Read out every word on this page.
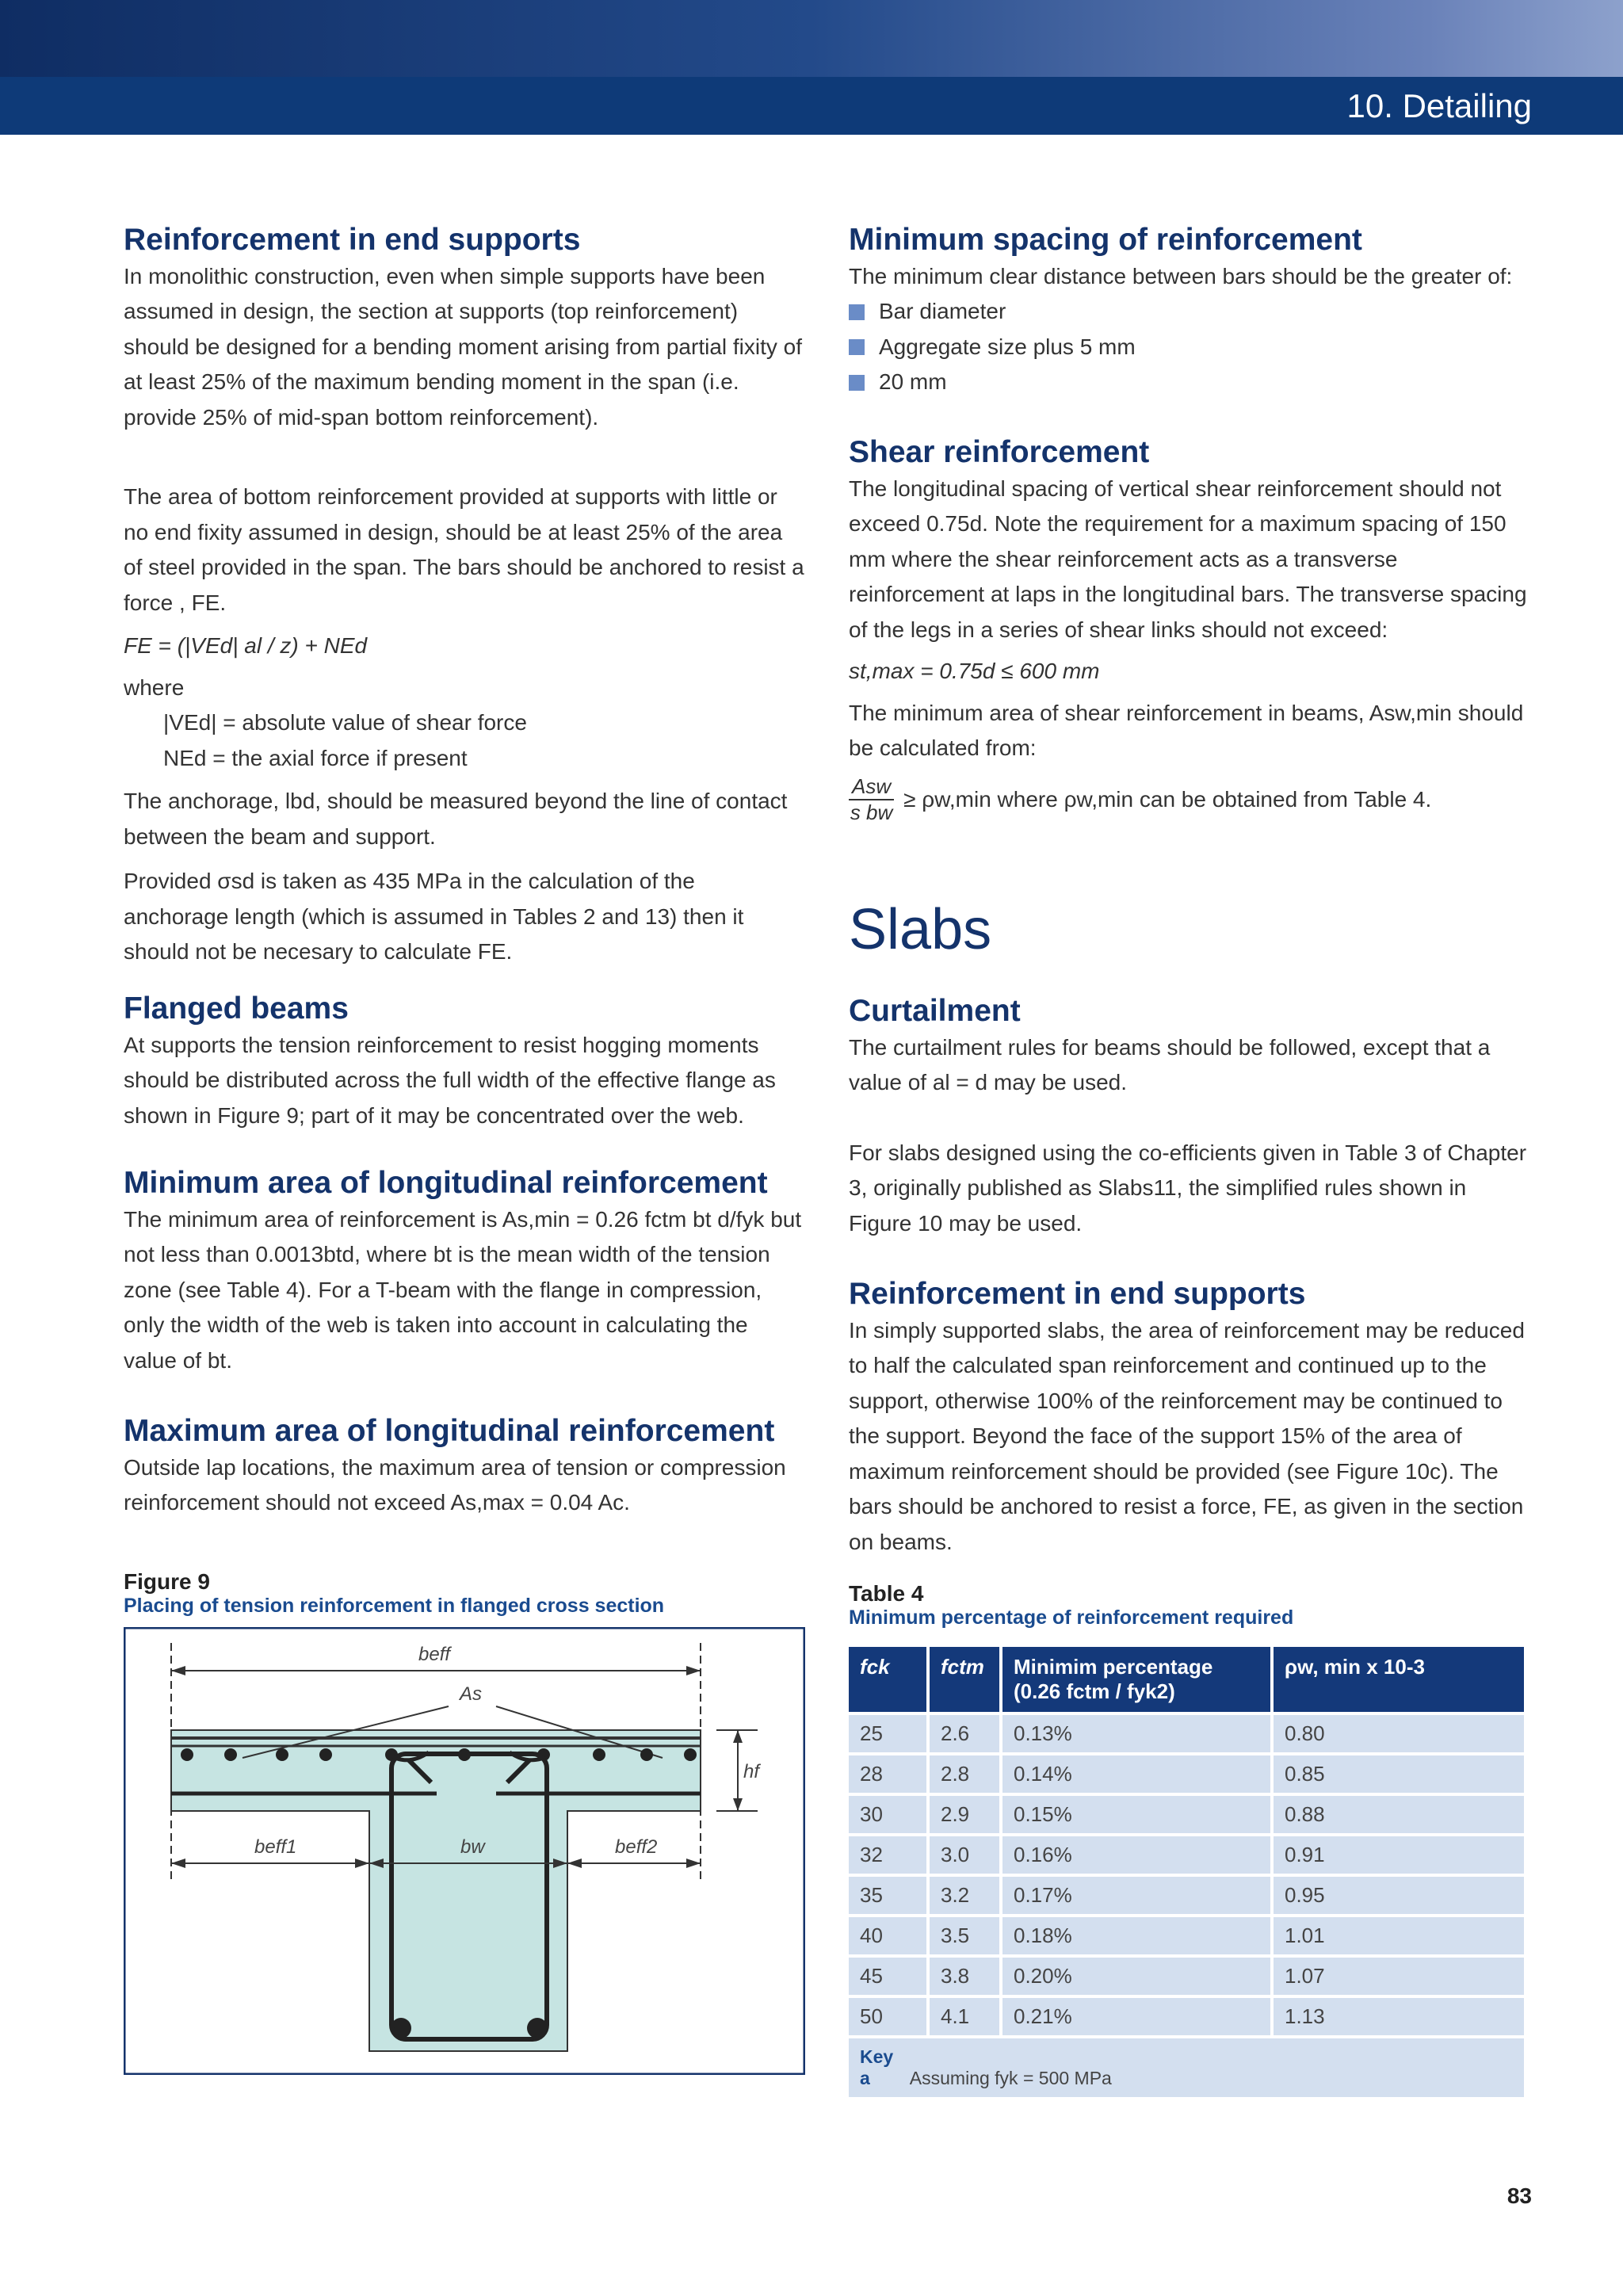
10. Detailing
Reinforcement in end supports

In monolithic construction, even when simple supports have been assumed in design, the section at supports (top reinforcement) should be designed for a bending moment arising from partial fixity of at least 25% of the maximum bending moment in the span (i.e. provide 25% of mid-span bottom reinforcement).

The area of bottom reinforcement provided at supports with little or no end fixity assumed in design, should be at least 25% of the area of steel provided in the span. The bars should be anchored to resist a force , FE.

FE = (|VEd| al / z) + NEd

where

|VEd| = absolute value of shear force

NEd = the axial force if present

The anchorage, lbd, should be measured beyond the line of contact between the beam and support.

Provided σsd is taken as 435 MPa in the calculation of the anchorage length (which is assumed in Tables 2 and 13) then it should not be necesary to calculate FE.

Flanged beams

At supports the tension reinforcement to resist hogging moments should be distributed across the full width of the effective flange as shown in Figure 9; part of it may be concentrated over the web.

Minimum area of longitudinal reinforcement

The minimum area of reinforcement is As,min = 0.26 fctm bt d/fyk but not less than 0.0013btd, where bt is the mean width of the tension zone (see Table 4). For a T-beam with the flange in compression, only the width of the web is taken into account in calculating the value of bt.

Maximum area of longitudinal reinforcement

Outside lap locations, the maximum area of tension or compression reinforcement should not exceed As,max = 0.04 Ac.

Figure 9
Placing of tension reinforcement in flanged cross section
beff
As
hf
beff1	bw	beff2
Minimum spacing of reinforcement

The minimum clear distance between bars should be the greater of:

Bar diameter
Aggregate size plus 5 mm
20 mm
Shear reinforcement

The longitudinal spacing of vertical shear reinforcement should not exceed 0.75d. Note the requirement for a maximum spacing of 150 mm where the shear reinforcement acts as a transverse reinforcement at laps in the longitudinal bars. The transverse spacing of the legs in a series of shear links should not exceed:

st,max = 0.75d ≤ 600 mm

The minimum area of shear reinforcement in beams, Asw,min should be calculated from:

Asw
s bw
≥ ρw,min where ρw,min can be obtained from Table 4.
Slabs
Curtailment

The curtailment rules for beams should be followed, except that a value of al = d may be used.

For slabs designed using the co-efficients given in Table 3 of Chapter 3, originally published as Slabs11, the simplified rules shown in Figure 10 may be used.

Reinforcement in end supports

In simply supported slabs, the area of reinforcement may be reduced to half the calculated span reinforcement and continued up to the support, otherwise 100% of the reinforcement may be continued to the support. Beyond the face of the support 15% of the area of maximum reinforcement should be provided (see Figure 10c). The bars should be anchored to resist a force, FE, as given in the section on beams.

Table 4
Minimum percentage of reinforcement required
fck	fctm	Minimim percentage (0.26 fctm / fyk2)	ρw, min x 10-3
25	2.6	0.13%	0.80
28	2.8	0.14%	0.85
30	2.9	0.15%	0.88
32	3.0	0.16%	0.91
35	3.2	0.17%	0.95
40	3.5	0.18%	1.01
45	3.8	0.20%	1.07
50	4.1	0.21%	1.13

Key
a Assuming fyk = 500 MPa			
83
